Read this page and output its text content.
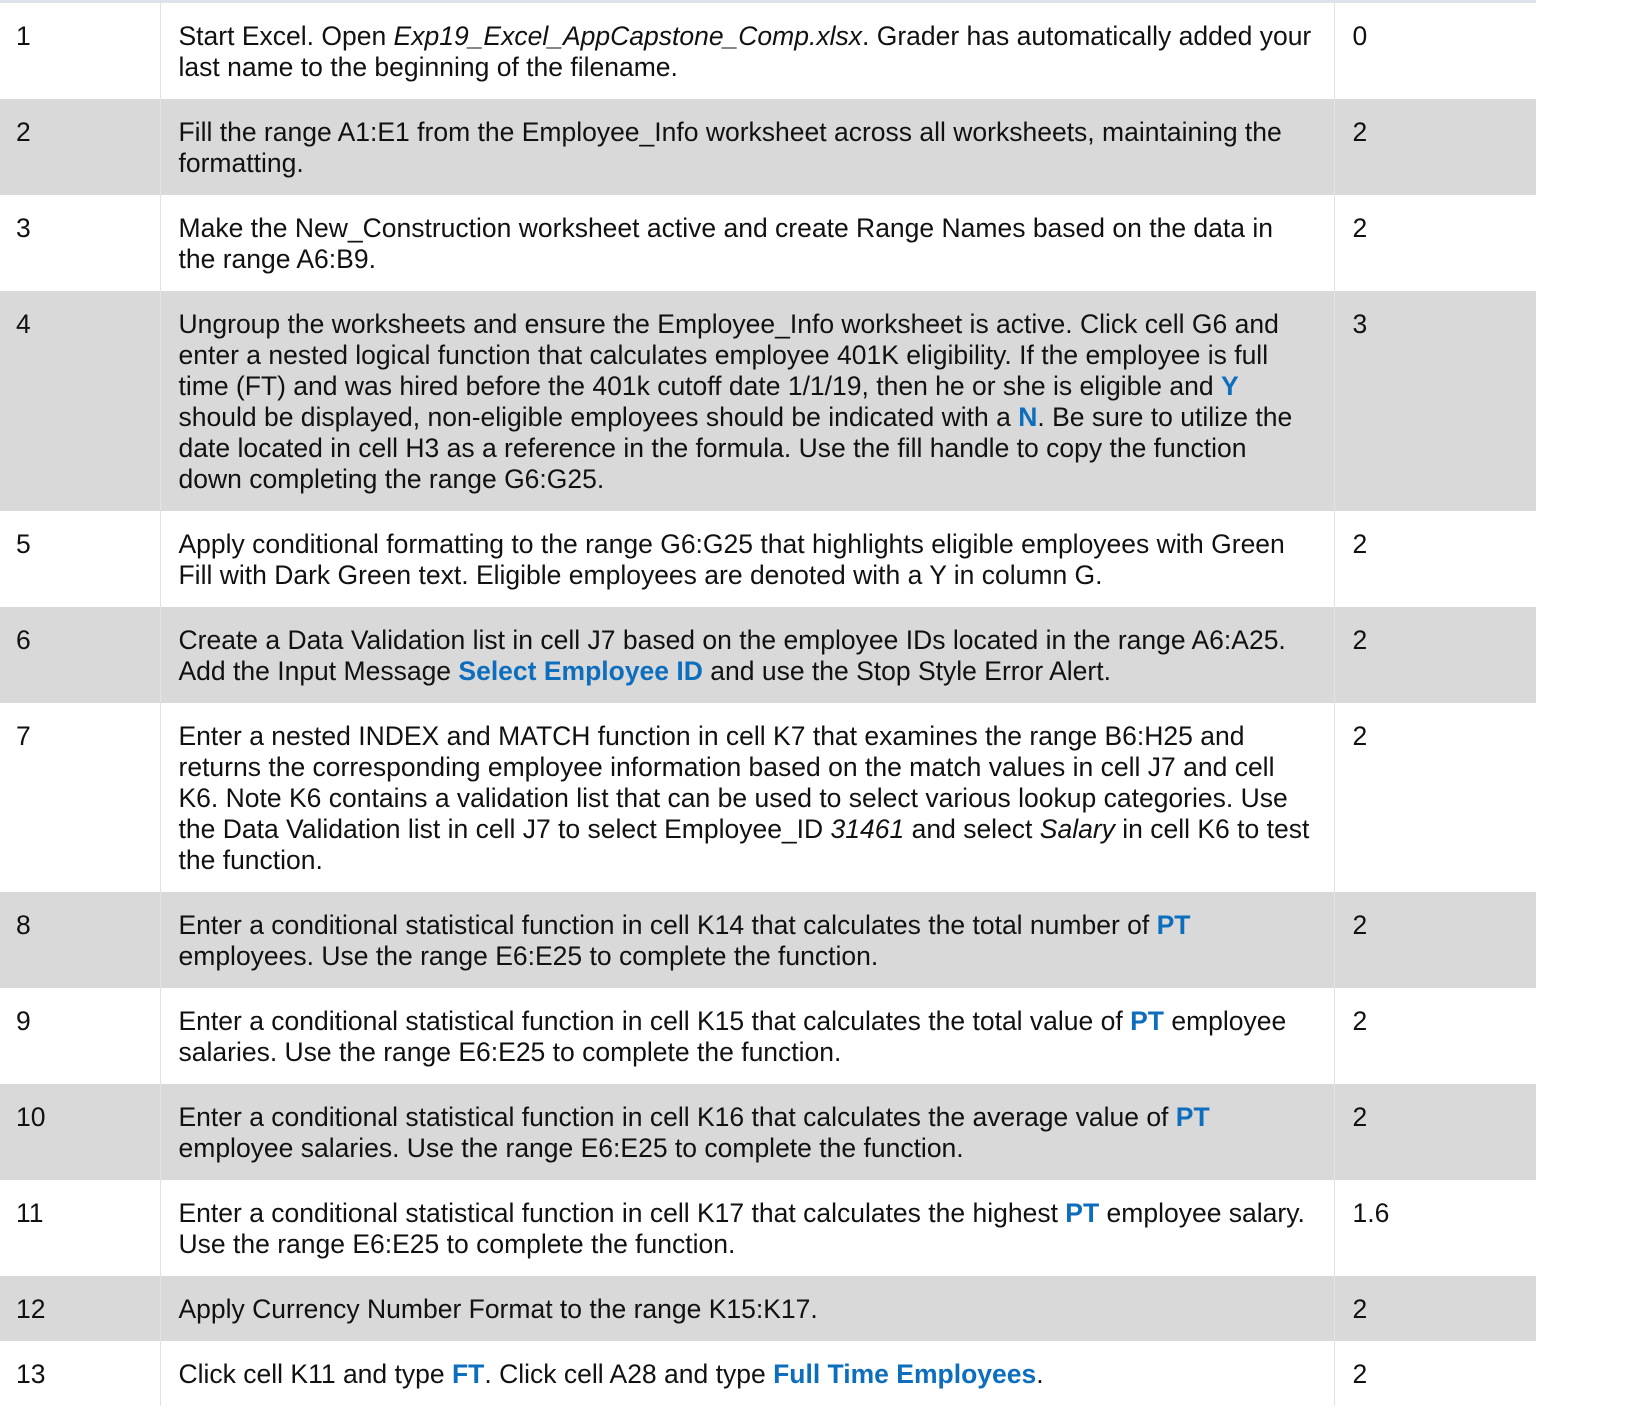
1	Start Excel. Open Exp19_Excel_AppCapstone_Comp.xlsx. Grader has automatically added your last name to the beginning of the filename.	0
2	Fill the range A1:E1 from the Employee_Info worksheet across all worksheets, maintaining the formatting.	2
3	Make the New_Construction worksheet active and create Range Names based on the data in the range A6:B9.	2
4	Ungroup the worksheets and ensure the Employee_Info worksheet is active. Click cell G6 and enter a nested logical function that calculates employee 401K eligibility. If the employee is full time (FT) and was hired before the 401k cutoff date 1/1/19, then he or she is eligible and Y should be displayed, non-eligible employees should be indicated with a N. Be sure to utilize the date located in cell H3 as a reference in the formula. Use the fill handle to copy the function down completing the range G6:G25.	3
5	Apply conditional formatting to the range G6:G25 that highlights eligible employees with Green Fill with Dark Green text. Eligible employees are denoted with a Y in column G.	2
6	Create a Data Validation list in cell J7 based on the employee IDs located in the range A6:A25. Add the Input Message Select Employee ID and use the Stop Style Error Alert.	2
7	Enter a nested INDEX and MATCH function in cell K7 that examines the range B6:H25 and returns the corresponding employee information based on the match values in cell J7 and cell K6. Note K6 contains a validation list that can be used to select various lookup categories. Use the Data Validation list in cell J7 to select Employee_ID 31461 and select Salary in cell K6 to test the function.	2
8	Enter a conditional statistical function in cell K14 that calculates the total number of PT employees. Use the range E6:E25 to complete the function.	2
9	Enter a conditional statistical function in cell K15 that calculates the total value of PT employee salaries. Use the range E6:E25 to complete the function.	2
10	Enter a conditional statistical function in cell K16 that calculates the average value of PT employee salaries. Use the range E6:E25 to complete the function.	2
11	Enter a conditional statistical function in cell K17 that calculates the highest PT employee salary. Use the range E6:E25 to complete the function.	1.6
12	Apply Currency Number Format to the range K15:K17.	2
13	Click cell K11 and type FT. Click cell A28 and type Full Time Employees.	2
